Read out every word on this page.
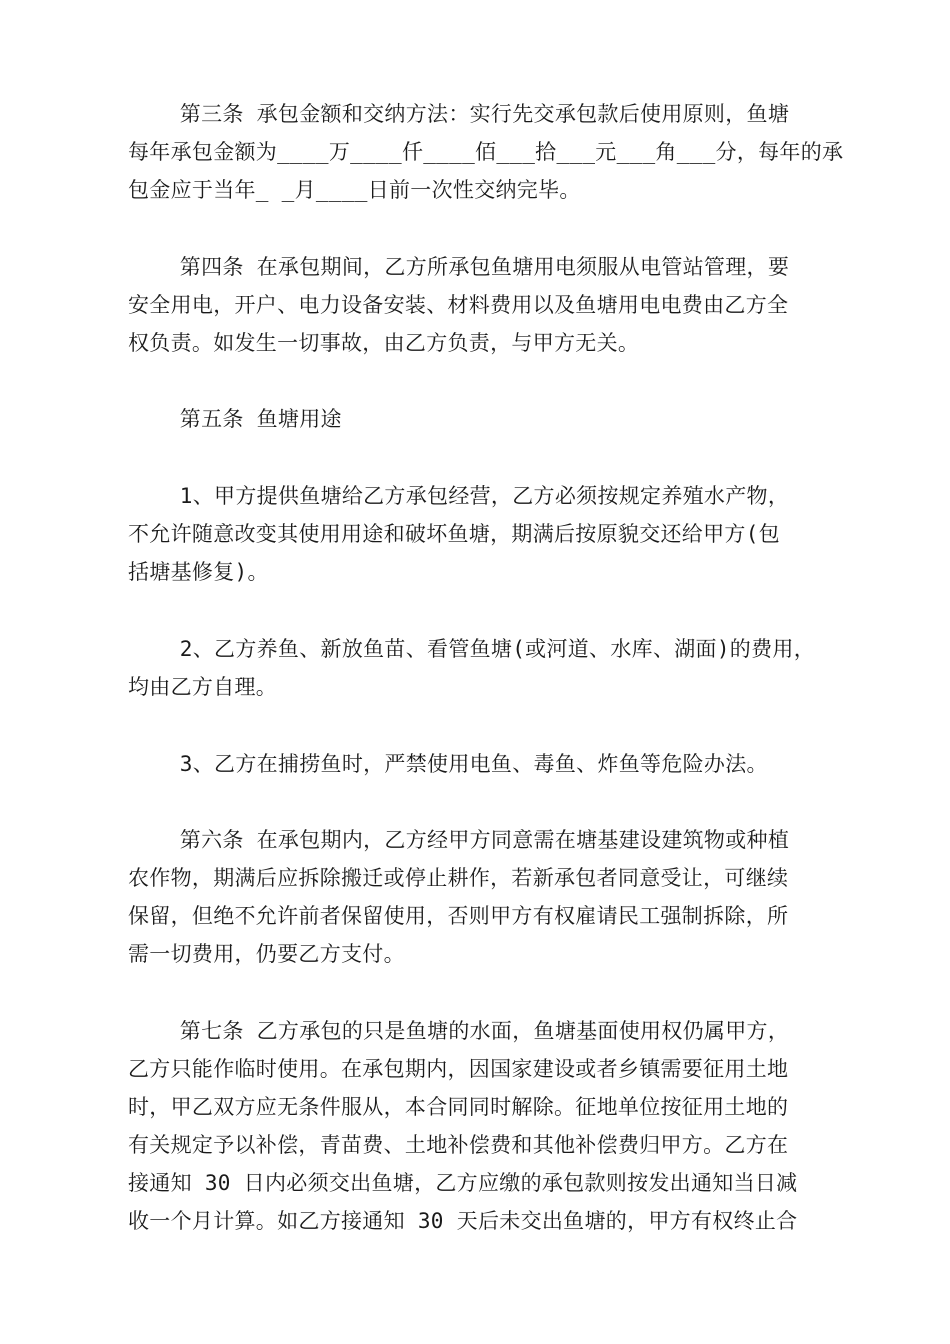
第三条 承包金额和交纳方法：实行先交承包款后使用原则，鱼塘
每年承包金额为____万____仟____佰___拾___元___角___分，每年的承
包金应于当年_ _月____日前一次性交纳完毕。
第四条 在承包期间，乙方所承包鱼塘用电须服从电管站管理，要
安全用电，开户、电力设备安装、材料费用以及鱼塘用电电费由乙方全
权负责。如发生一切事故，由乙方负责，与甲方无关。
第五条 鱼塘用途
1、甲方提供鱼塘给乙方承包经营，乙方必须按规定养殖水产物，
不允许随意改变其使用用途和破坏鱼塘，期满后按原貌交还给甲方(包
括塘基修复)。
2、乙方养鱼、新放鱼苗、看管鱼塘(或河道、水库、湖面)的费用，
均由乙方自理。
3、乙方在捕捞鱼时，严禁使用电鱼、毒鱼、炸鱼等危险办法。
第六条 在承包期内，乙方经甲方同意需在塘基建设建筑物或种植
农作物，期满后应拆除搬迁或停止耕作，若新承包者同意受让，可继续
保留，但绝不允许前者保留使用，否则甲方有权雇请民工强制拆除，所
需一切费用，仍要乙方支付。
第七条 乙方承包的只是鱼塘的水面，鱼塘基面使用权仍属甲方，
乙方只能作临时使用。在承包期内，因国家建设或者乡镇需要征用土地
时，甲乙双方应无条件服从，本合同同时解除。征地单位按征用土地的
有关规定予以补偿，青苗费、土地补偿费和其他补偿费归甲方。乙方在
接通知 30 日内必须交出鱼塘，乙方应缴的承包款则按发出通知当日减
收一个月计算。如乙方接通知 30 天后未交出鱼塘的，甲方有权终止合
